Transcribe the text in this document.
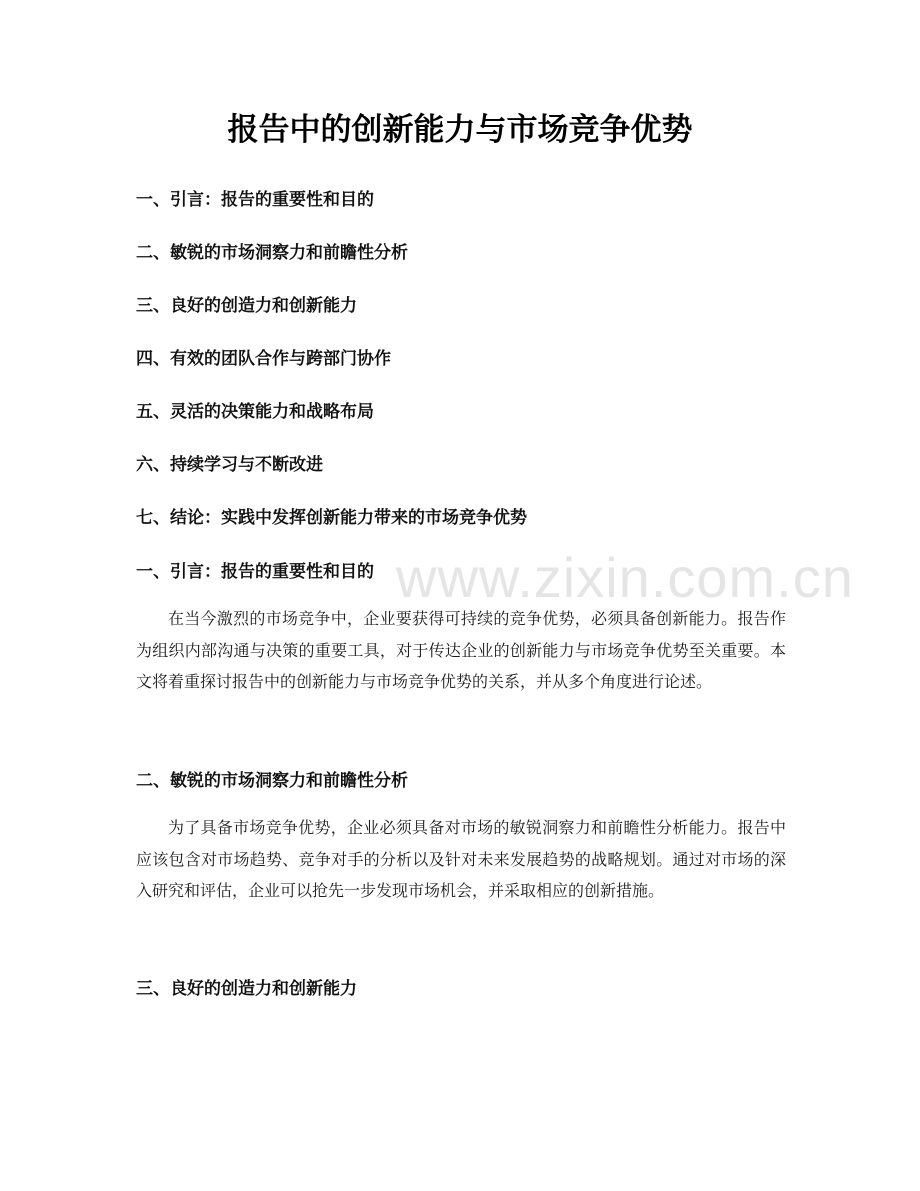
报告中的创新能力与市场竞争优势
一、引言：报告的重要性和目的
二、敏锐的市场洞察力和前瞻性分析
三、良好的创造力和创新能力
四、有效的团队合作与跨部门协作
五、灵活的决策能力和战略布局
六、持续学习与不断改进
七、结论：实践中发挥创新能力带来的市场竞争优势
一、引言：报告的重要性和目的
在当今激烈的市场竞争中，企业要获得可持续的竞争优势，必须具备创新能力。报告作为组织内部沟通与决策的重要工具，对于传达企业的创新能力与市场竞争优势至关重要。本文将着重探讨报告中的创新能力与市场竞争优势的关系，并从多个角度进行论述。
二、敏锐的市场洞察力和前瞻性分析
为了具备市场竞争优势，企业必须具备对市场的敏锐洞察力和前瞻性分析能力。报告中应该包含对市场趋势、竞争对手的分析以及针对未来发展趋势的战略规划。通过对市场的深入研究和评估，企业可以抢先一步发现市场机会，并采取相应的创新措施。
三、良好的创造力和创新能力
www.zixin.com.cn
